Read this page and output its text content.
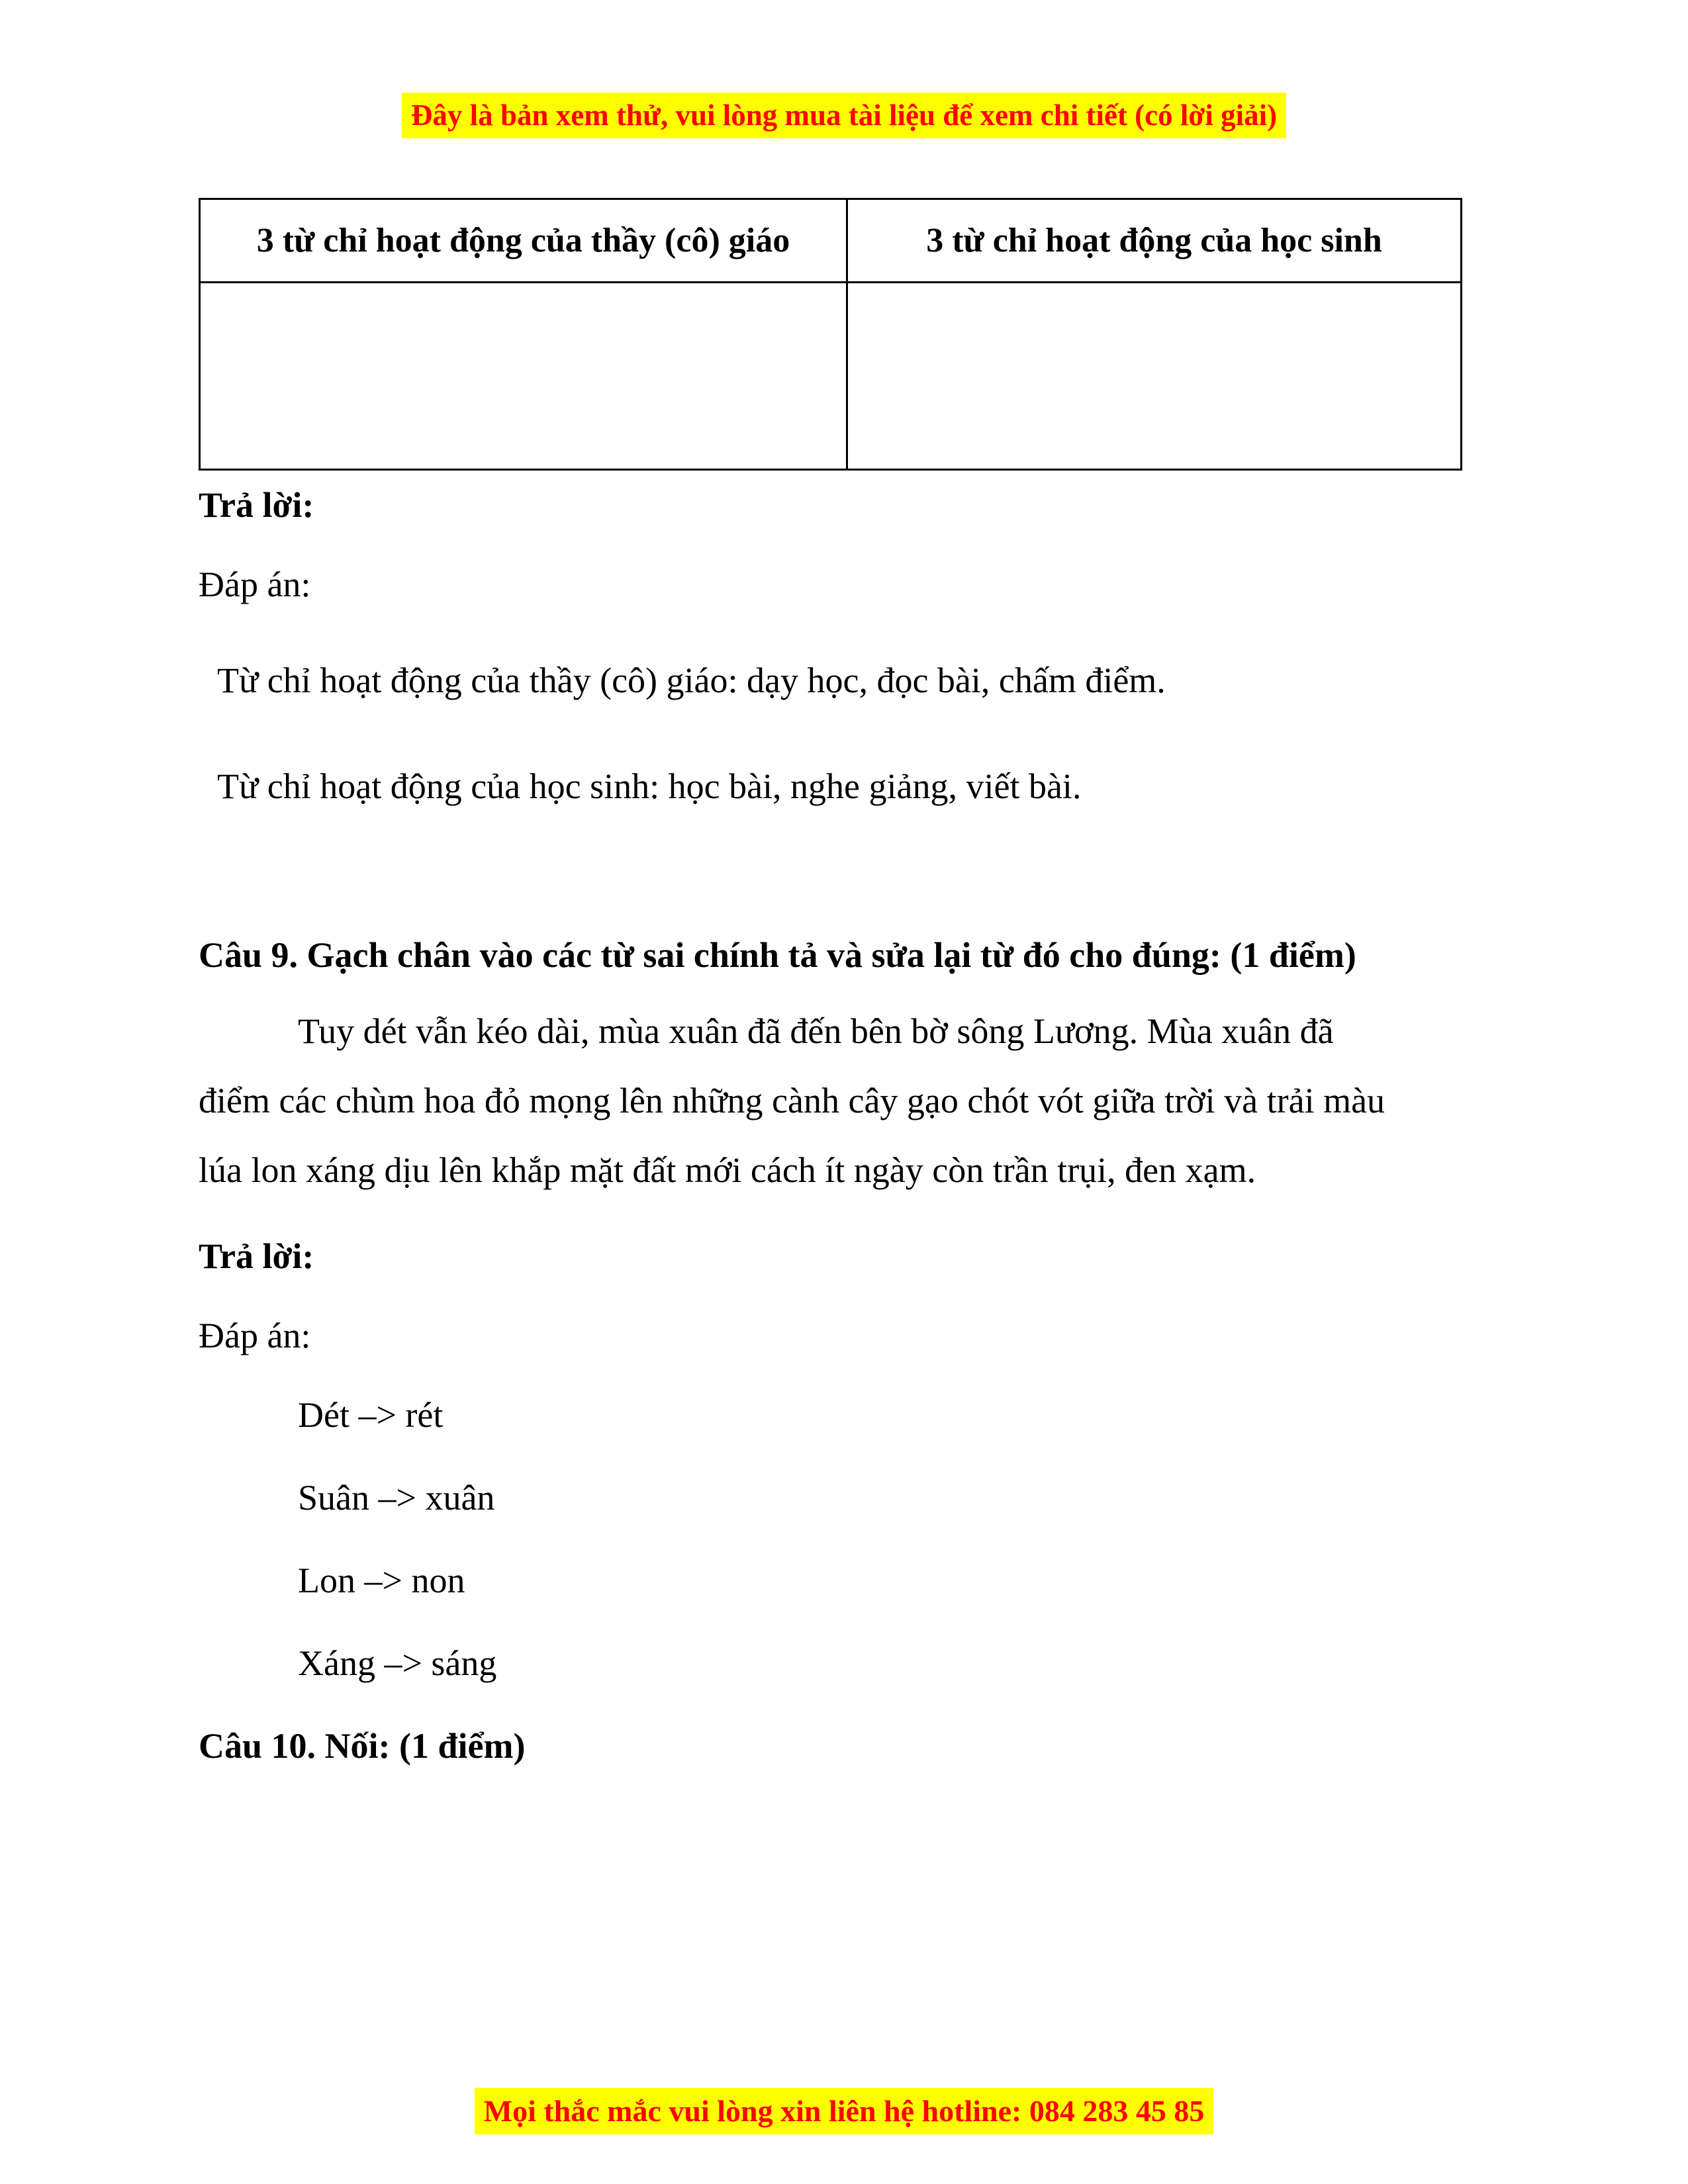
Đây là bản xem thử, vui lòng mua tài liệu để xem chi tiết (có lời giải)
3 từ chỉ hoạt động của thầy (cô) giáo	3 từ chỉ hoạt động của học sinh

Trả lời:

Đáp án:

Từ chỉ hoạt động của thầy (cô) giáo: dạy học, đọc bài, chấm điểm.

Từ chỉ hoạt động của học sinh: học bài, nghe giảng, viết bài.

Câu 9. Gạch chân vào các từ sai chính tả và sửa lại từ đó cho đúng: (1 điểm)

Tuy dét vẫn kéo dài, mùa xuân đã đến bên bờ sông Lương. Mùa xuân đã
điểm các chùm hoa đỏ mọng lên những cành cây gạo chót vót giữa trời và trải màu
lúa lon xáng dịu lên khắp mặt đất mới cách ít ngày còn trần trụi, đen xạm.

Trả lời:

Đáp án:

Dét –> rét

Suân –> xuân

Lon –> non

Xáng –> sáng

Câu 10. Nối: (1 điểm)

Mọi thắc mắc vui lòng xin liên hệ hotline: 084 283 45 85
